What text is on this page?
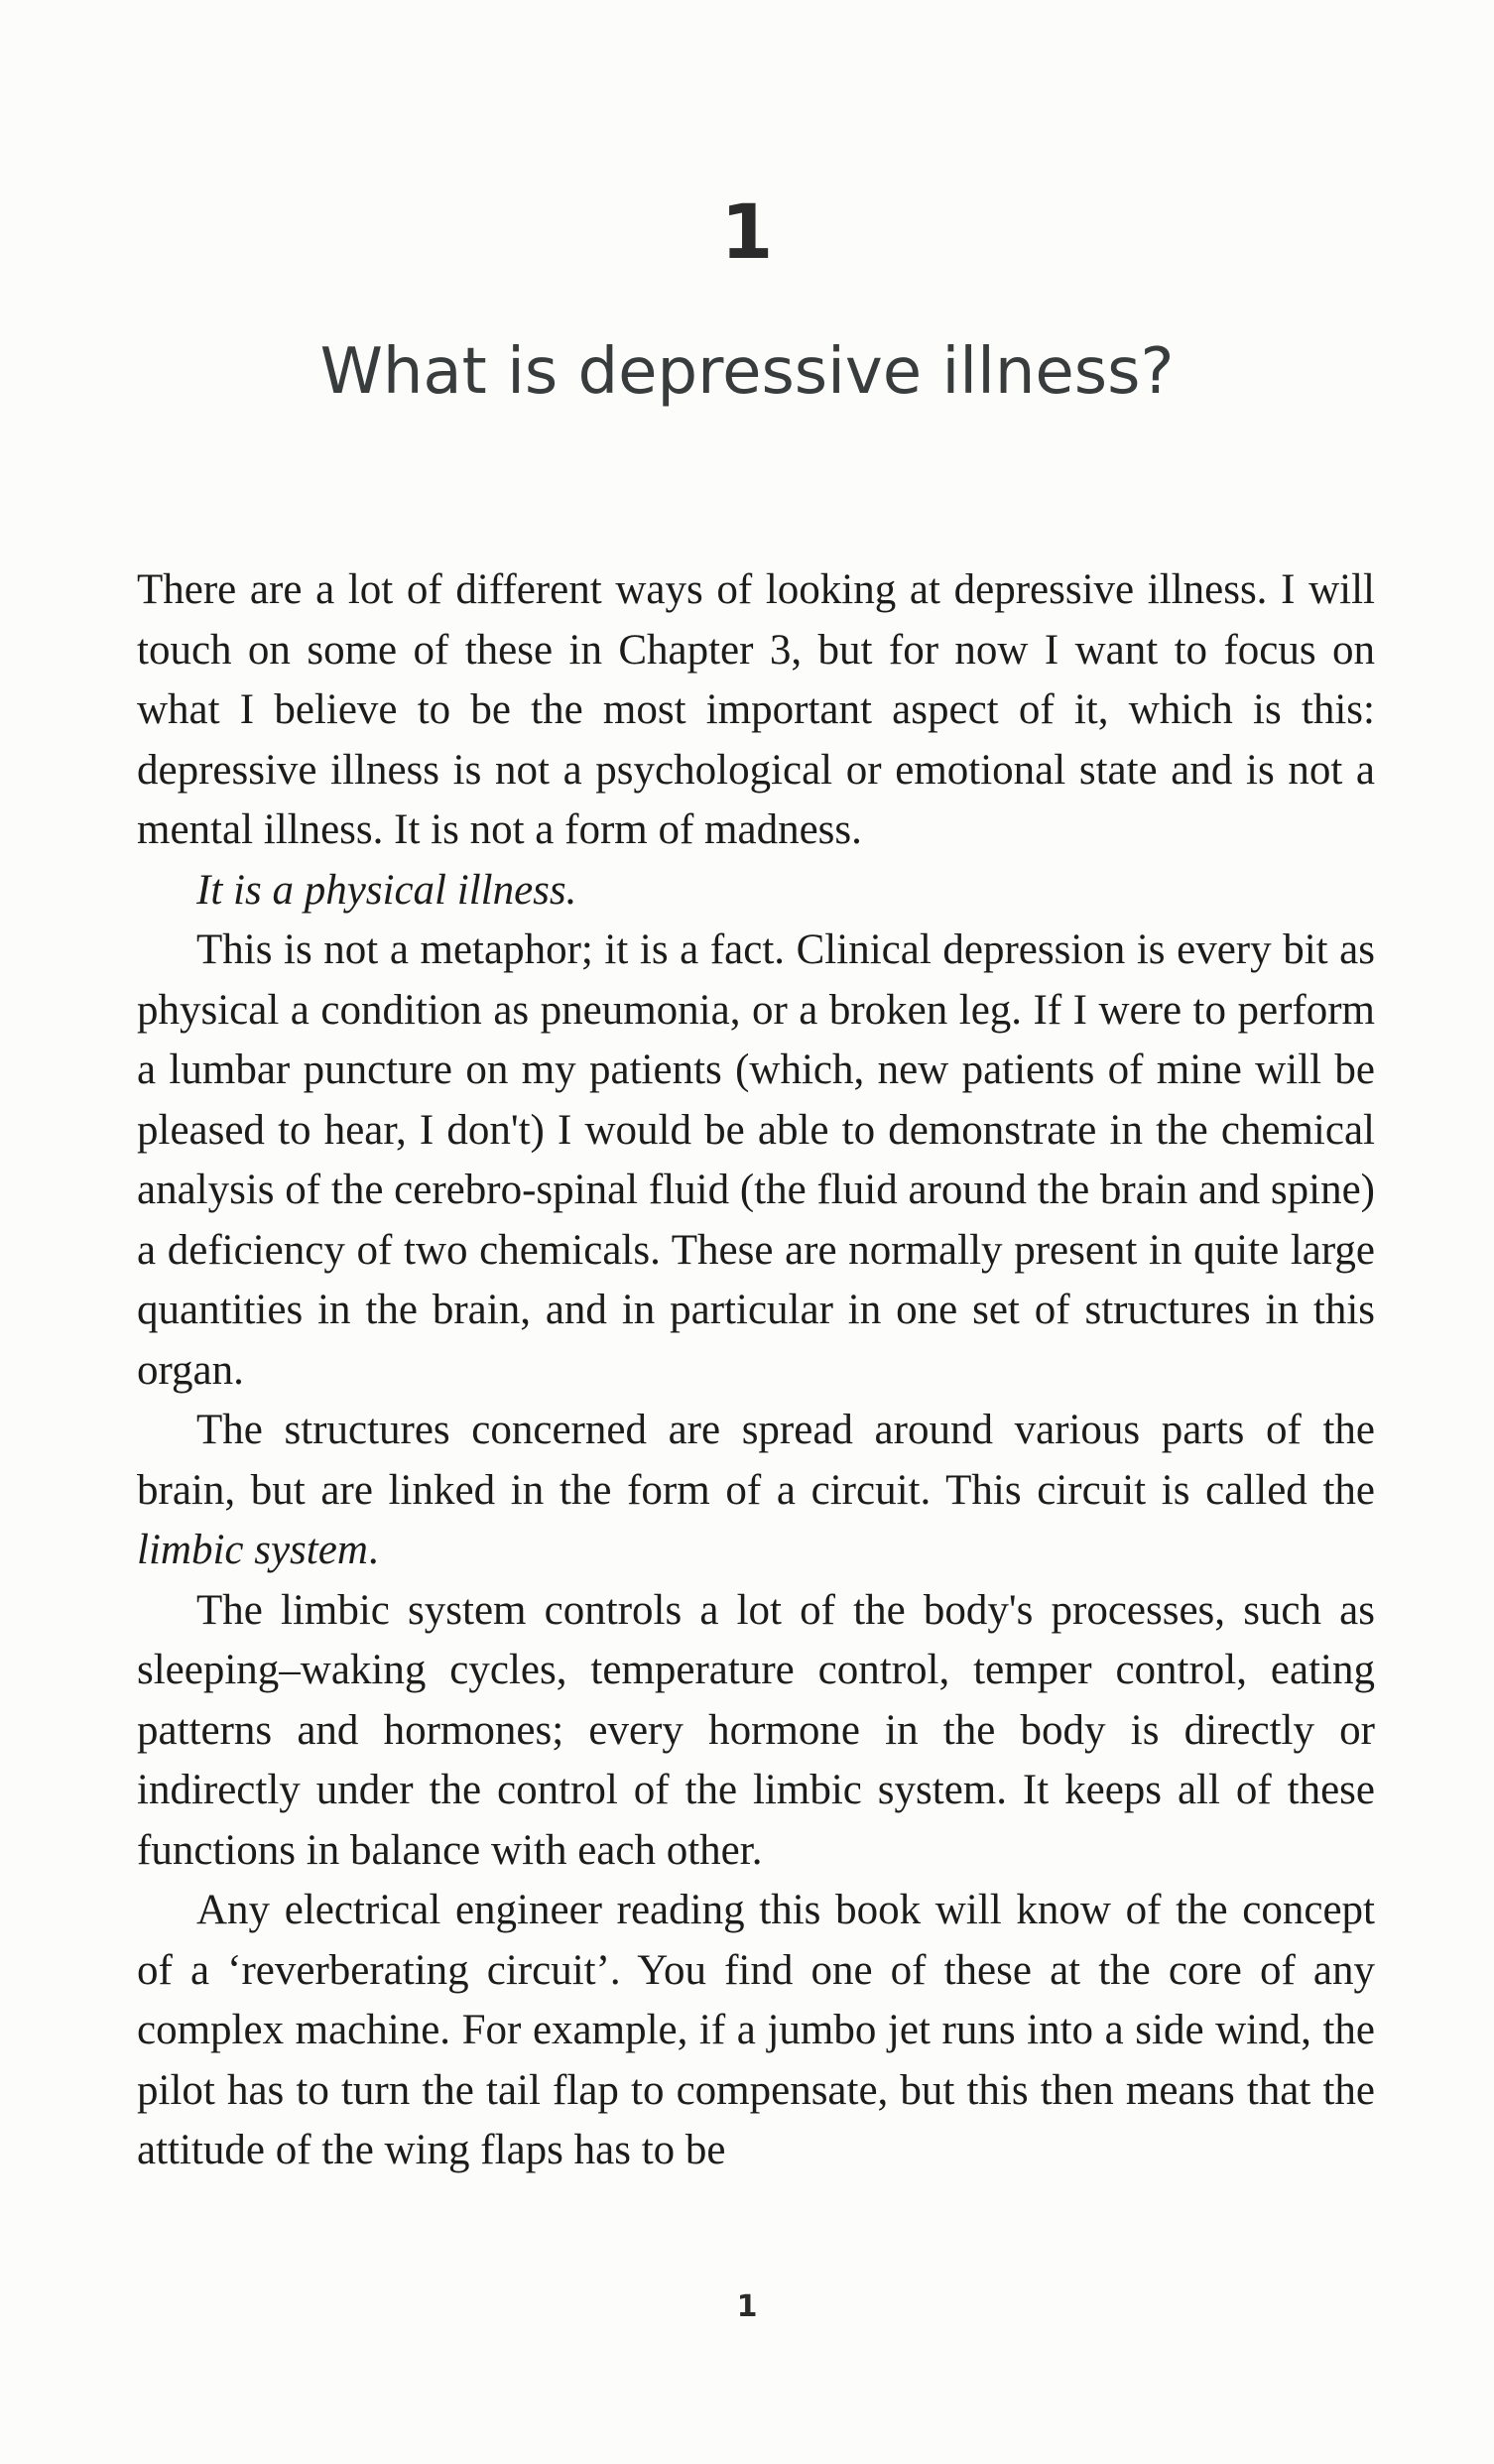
1
What is depressive illness?

There are a lot of different ways of looking at depressive illness. I will touch on some of these in Chapter 3, but for now I want to focus on what I believe to be the most important aspect of it, which is this: depressive illness is not a psychological or emotional state and is not a mental illness. It is not a form of madness.

It is a physical illness.

This is not a metaphor; it is a fact. Clinical depression is every bit as physical a condition as pneumonia, or a broken leg. If I were to perform a lumbar puncture on my patients (which, new patients of mine will be pleased to hear, I don't) I would be able to demonstrate in the chemical analysis of the cerebro-spinal fluid (the fluid around the brain and spine) a deficiency of two chemicals. These are normally present in quite large quantities in the brain, and in particular in one set of structures in this organ.

The structures concerned are spread around various parts of the brain, but are linked in the form of a circuit. This circuit is called the limbic system.

The limbic system controls a lot of the body's processes, such as sleeping–waking cycles, temperature control, temper control, eating patterns and hormones; every hormone in the body is directly or indirectly under the control of the limbic system. It keeps all of these functions in balance with each other.

Any electrical engineer reading this book will know of the concept of a ‘reverberating circuit’. You find one of these at the core of any complex machine. For example, if a jumbo jet runs into a side wind, the pilot has to turn the tail flap to compensate, but this then means that the attitude of the wing flaps has to be

1
